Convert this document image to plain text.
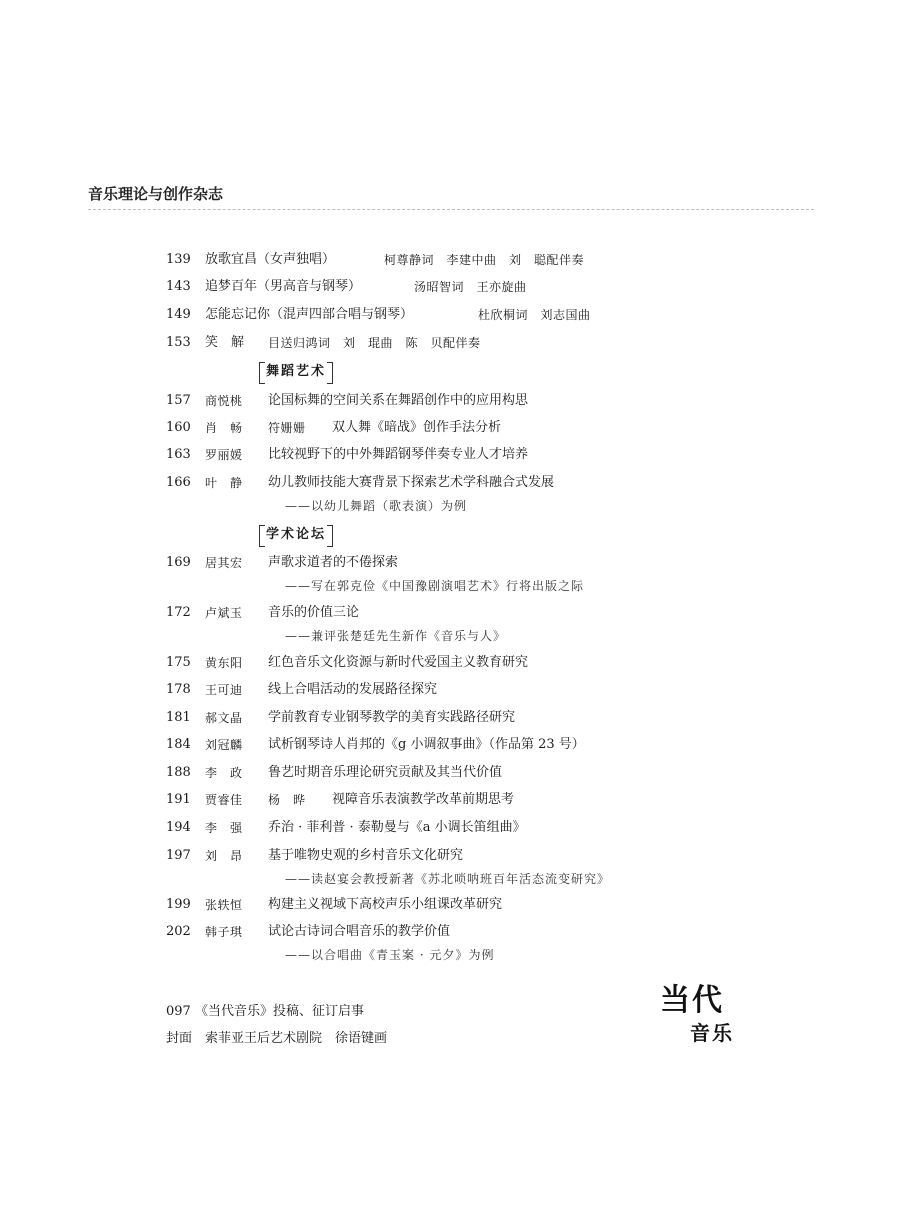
音乐理论与创作杂志
139 放歌宜昌（女声独唱）	柯尊静词　李建中曲　刘　聪配伴奏
143 追梦百年（男高音与钢琴）	汤昭智词　王亦旋曲
149 怎能忘记你（混声四部合唱与钢琴）	杜欣桐词　刘志国曲
153 笑　解 目送归鸿词　刘　琨曲　陈　贝配伴奏
舞蹈艺术
157 商悦桃 论国标舞的空间关系在舞蹈创作中的应用构思
160 肖　畅 符姗姗 双人舞《暗战》创作手法分析
163 罗丽媛 比较视野下的中外舞蹈钢琴伴奏专业人才培养
166 叶　静 幼儿教师技能大赛背景下探索艺术学科融合式发展
——以幼儿舞蹈（歌表演）为例
学术论坛
169 居其宏 声歌求道者的不倦探索
——写在郭克俭《中国豫剧演唱艺术》行将出版之际
172 卢斌玉 音乐的价值三论
——兼评张楚廷先生新作《音乐与人》
175 黄东阳 红色音乐文化资源与新时代爱国主义教育研究
178 王可迪 线上合唱活动的发展路径探究
181 郝文晶 学前教育专业钢琴教学的美育实践路径研究
184 刘冠麟 试析钢琴诗人肖邦的《g 小调叙事曲》（作品第 23 号）
188 李　政 鲁艺时期音乐理论研究贡献及其当代价值
191 贾睿佳 杨　晔 视障音乐表演教学改革前期思考
194 李　强 乔治 · 菲利普 · 泰勒曼与《a 小调长笛组曲》
197 刘　昂 基于唯物史观的乡村音乐文化研究
——读赵宴会教授新著《苏北唢呐班百年活态流变研究》
199 张轶恒 构建主义视域下高校声乐小组课改革研究
202 韩子琪 试论古诗词合唱音乐的教学价值
——以合唱曲《青玉案 · 元夕》为例
097 《当代音乐》投稿、征订启事
封面　索菲亚王后艺术剧院　徐语键画
当代
音乐
